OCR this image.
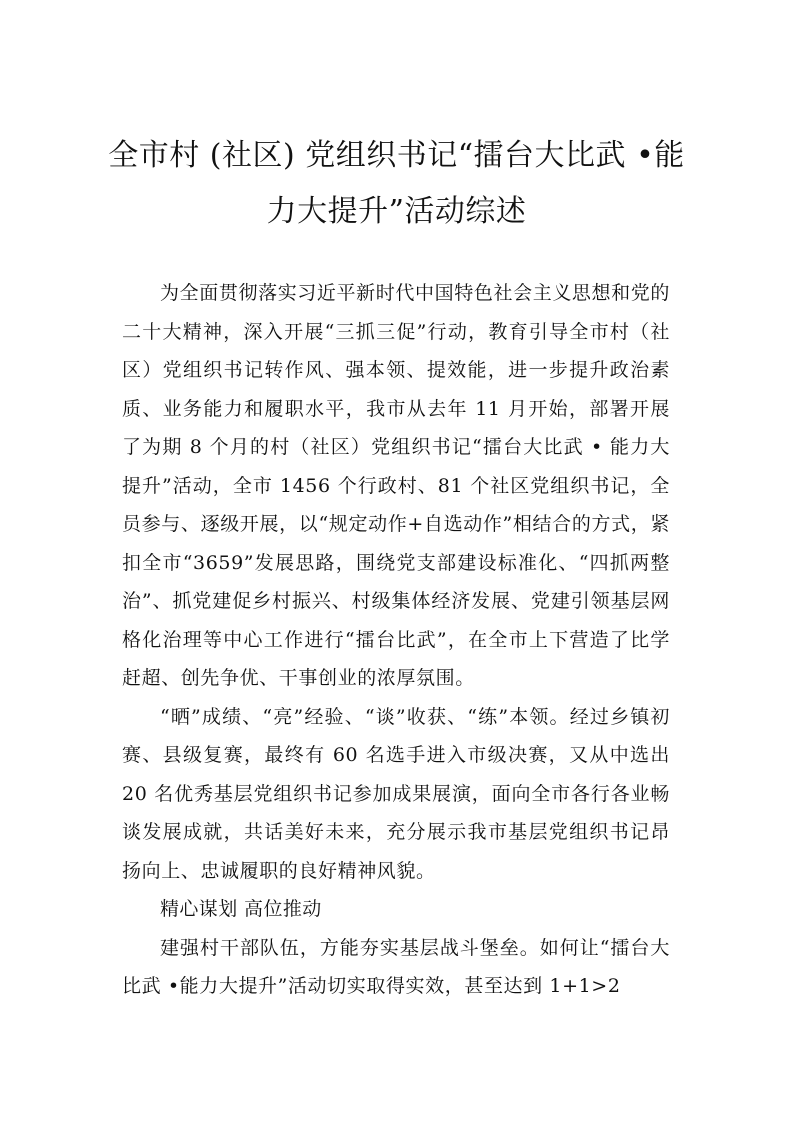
全市村 (社区) 党组织书记“擂台大比武 •能
力大提升”活动综述

为全面贯彻落实习近平新时代中国特色社会主义思想和党的二十大精神，深入开展“三抓三促”行动，教育引导全市村（社区）党组织书记转作风、强本领、提效能，进一步提升政治素质、业务能力和履职水平，我市从去年 11 月开始，部署开展了为期 8 个月的村（社区）党组织书记“擂台大比武 • 能力大提升”活动，全市 1456 个行政村、81 个社区党组织书记，全员参与、逐级开展，以“规定动作+自选动作”相结合的方式，紧扣全市“3659”发展思路，围绕党支部建设标准化、“四抓两整治”、抓党建促乡村振兴、村级集体经济发展、党建引领基层网格化治理等中心工作进行“擂台比武”，在全市上下营造了比学赶超、创先争优、干事创业的浓厚氛围。

“晒”成绩、“亮”经验、“谈”收获、“练”本领。经过乡镇初赛、县级复赛，最终有 60 名选手进入市级决赛，又从中选出 20 名优秀基层党组织书记参加成果展演，面向全市各行各业畅谈发展成就，共话美好未来，充分展示我市基层党组织书记昂扬向上、忠诚履职的良好精神风貌。

精心谋划 高位推动

建强村干部队伍，方能夯实基层战斗堡垒。如何让“擂台大比武 •能力大提升”活动切实取得实效，甚至达到 1+1>2
